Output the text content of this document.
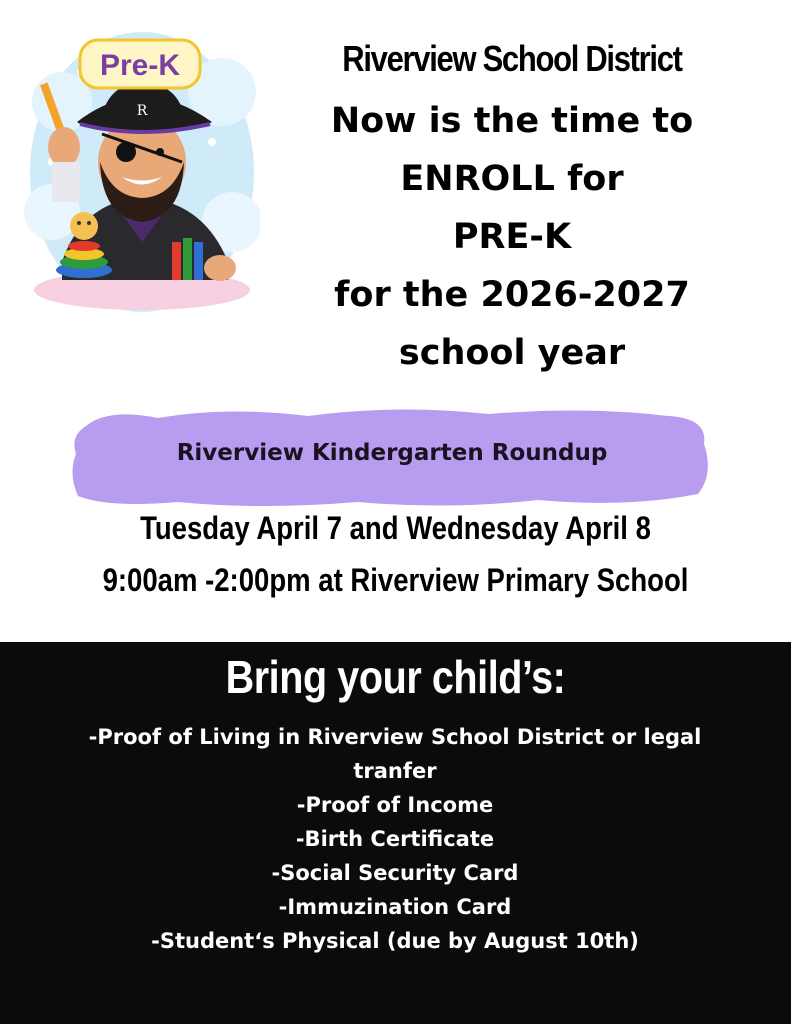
R
Pre-K	Riverview School District
Now is the time to
ENROLL for
PRE-K
for the 2026-2027
school year
Riverview Kindergarten Roundup
Tuesday April 7 and Wednesday April 8
9:00am -2:00pm at Riverview Primary School
Bring your child’s:
-Proof of Living in Riverview School District or legal tranfer
-Proof of Income
-Birth Certificate
-Social Security Card
-Immuzination Card
-Student‘s Physical (due by August 10th)
